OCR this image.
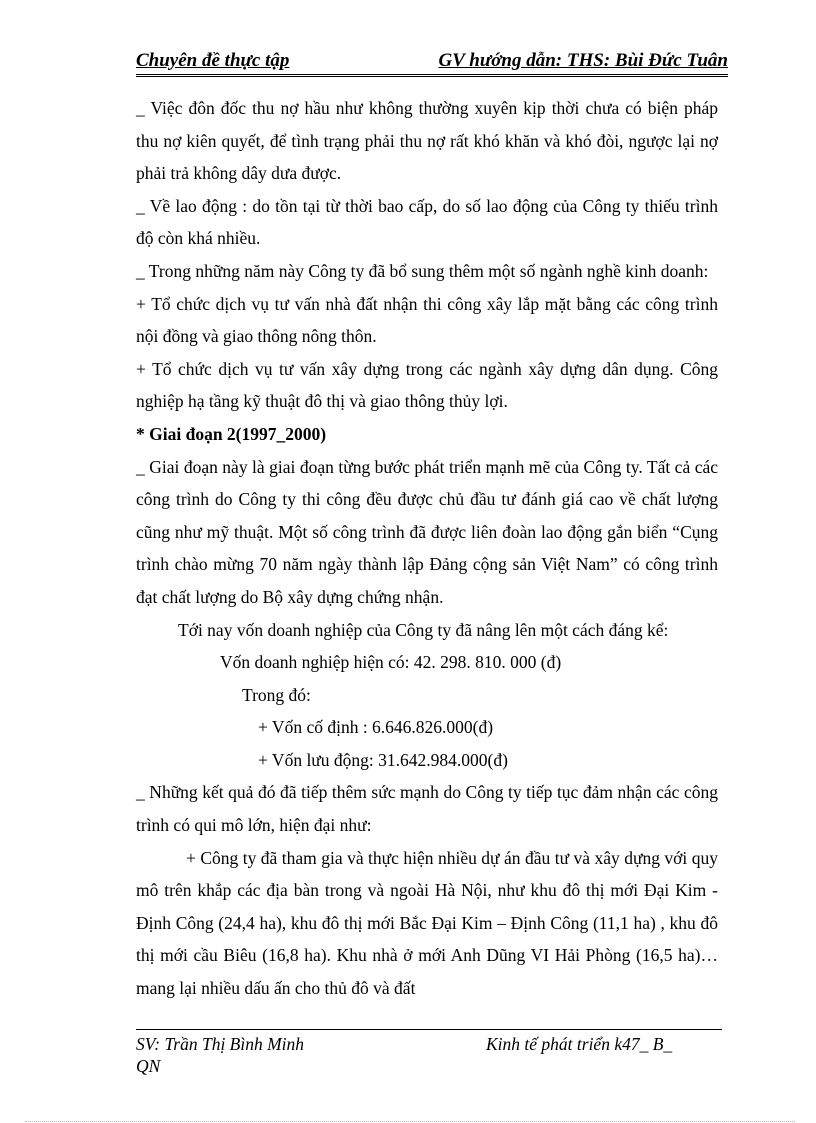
Chuyên đề thực tập	GV hướng dẫn: THS: Bùi Đức Tuân

_ Việc đôn đốc thu nợ hầu như không thường xuyên kịp thời chưa có biện pháp thu nợ kiên quyết, để tình trạng phải thu nợ rất khó khăn và khó đòi, ngược lại nợ phải trả không dây dưa được.

_ Về lao động : do tồn tại từ thời bao cấp, do số lao động của Công ty thiếu trình độ còn khá nhiều.

_ Trong những năm này Công ty đã bổ sung thêm một số ngành nghề kinh doanh:

+ Tổ chức dịch vụ tư vấn nhà đất nhận thi công xây lắp mặt bằng các công trình nội đồng và giao thông nông thôn.

+ Tổ chức dịch vụ tư vấn xây dựng trong các ngành xây dựng dân dụng. Công nghiệp hạ tầng kỹ thuật đô thị và giao thông thủy lợi.

* Giai đoạn 2(1997_2000)

_ Giai đoạn này là giai đoạn từng bước phát triển mạnh mẽ của Công ty. Tất cả các công trình do Công ty thi công đều được chủ đầu tư đánh giá cao về chất lượng cũng như mỹ thuật. Một số công trình đã được liên đoàn lao động gắn biển “Cụng trình chào mừng 70 năm ngày thành lập Đảng cộng sản Việt Nam” có công trình đạt chất lượng do Bộ xây dựng chứng nhận.

Tới nay vốn doanh nghiệp của Công ty đã nâng lên một cách đáng kể:

Vốn doanh nghiệp hiện có: 42. 298. 810. 000 (đ)

Trong đó:

+ Vốn cố định : 6.646.826.000(đ)

+ Vốn lưu động: 31.642.984.000(đ)

_ Những kết quả đó đã tiếp thêm sức mạnh do Công ty tiếp tục đảm nhận các công trình có qui mô lớn, hiện đại như:

+ Công ty đã tham gia và thực hiện nhiều dự án đầu tư và xây dựng với quy mô trên khắp các địa bàn trong và ngoài Hà Nội, như khu đô thị mới Đại Kim - Định Công (24,4 ha), khu đô thị mới Bắc Đại Kim – Định Công (11,1 ha) , khu đô thị mới cầu Biêu (16,8 ha). Khu nhà ở mới Anh Dũng VI Hải Phòng (16,5 ha)… mang lại nhiều dấu ấn cho thủ đô và đất

SV: Trần Thị Bình Minh	Kinh tế phát triển k47_ B_
QN
